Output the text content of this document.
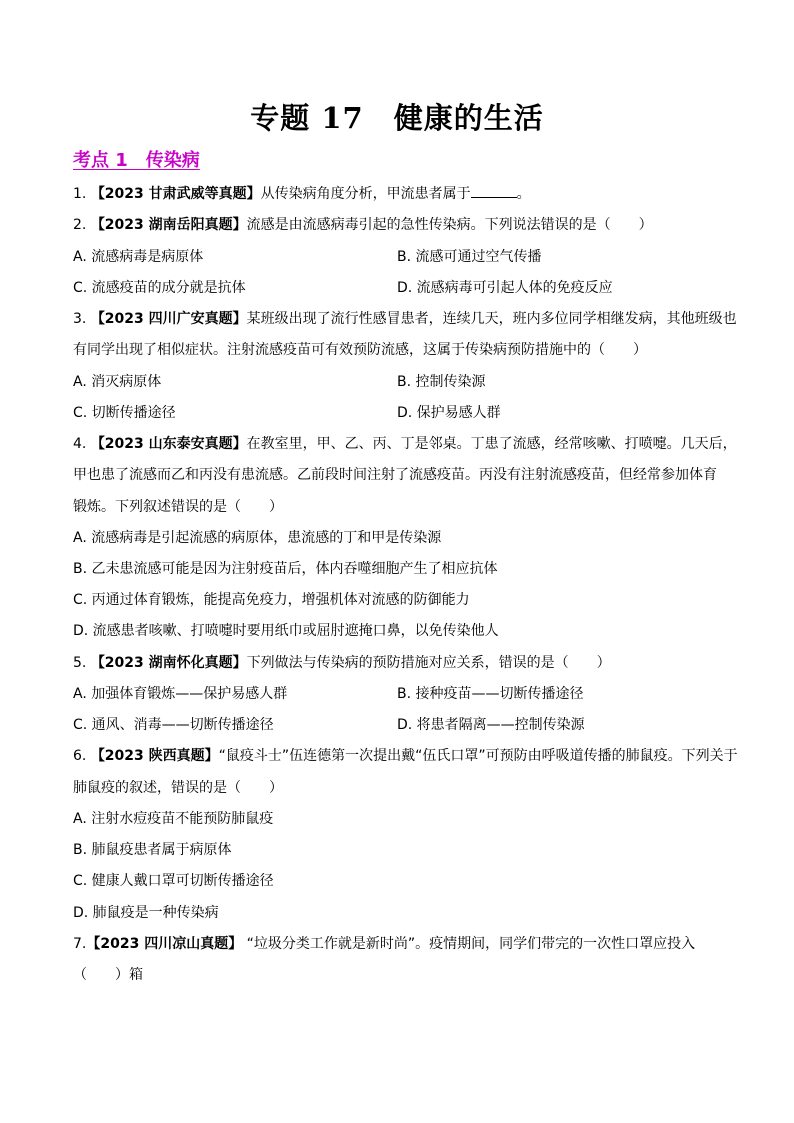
专题 17　健康的生活
考点 1　传染病
1. 【2023 甘肃武威等真题】从传染病角度分析，甲流患者属于	。
2. 【2023 湖南岳阳真题】流感是由流感病毒引起的急性传染病。下列说法错误的是（　　）
A. 流感病毒是病原体	B. 流感可通过空气传播
C. 流感疫苗的成分就是抗体	D. 流感病毒可引起人体的免疫反应
3. 【2023 四川广安真题】某班级出现了流行性感冒患者，连续几天，班内多位同学相继发病，其他班级也
有同学出现了相似症状。注射流感疫苗可有效预防流感，这属于传染病预防措施中的（　　）
A. 消灭病原体	B. 控制传染源
C. 切断传播途径	D. 保护易感人群
4. 【2023 山东泰安真题】在教室里，甲、乙、丙、丁是邻桌。丁患了流感，经常咳嗽、打喷嚏。几天后，
甲也患了流感而乙和丙没有患流感。乙前段时间注射了流感疫苗。丙没有注射流感疫苗，但经常参加体育
锻炼。下列叙述错误的是（　　）
A. 流感病毒是引起流感的病原体，患流感的丁和甲是传染源
B. 乙未患流感可能是因为注射疫苗后，体内吞噬细胞产生了相应抗体
C. 丙通过体育锻炼，能提高免疫力，增强机体对流感的防御能力
D. 流感患者咳嗽、打喷嚏时要用纸巾或屈肘遮掩口鼻，以免传染他人
5. 【2023 湖南怀化真题】下列做法与传染病的预防措施对应关系，错误的是（　　）
A. 加强体育锻炼——保护易感人群	B. 接种疫苗——切断传播途径
C. 通风、消毒——切断传播途径	D. 将患者隔离——控制传染源
6. 【2023 陕西真题】“鼠疫斗士”伍连德第一次提出戴“伍氏口罩”可预防由呼吸道传播的肺鼠疫。下列关于
肺鼠疫的叙述，错误的是（　　）
A. 注射水痘疫苗不能预防肺鼠疫
B. 肺鼠疫患者属于病原体
C. 健康人戴口罩可切断传播途径
D. 肺鼠疫是一种传染病
7.【2023 四川凉山真题】 “垃圾分类工作就是新时尚”。疫情期间，同学们带完的一次性口罩应投入
（　　）箱
